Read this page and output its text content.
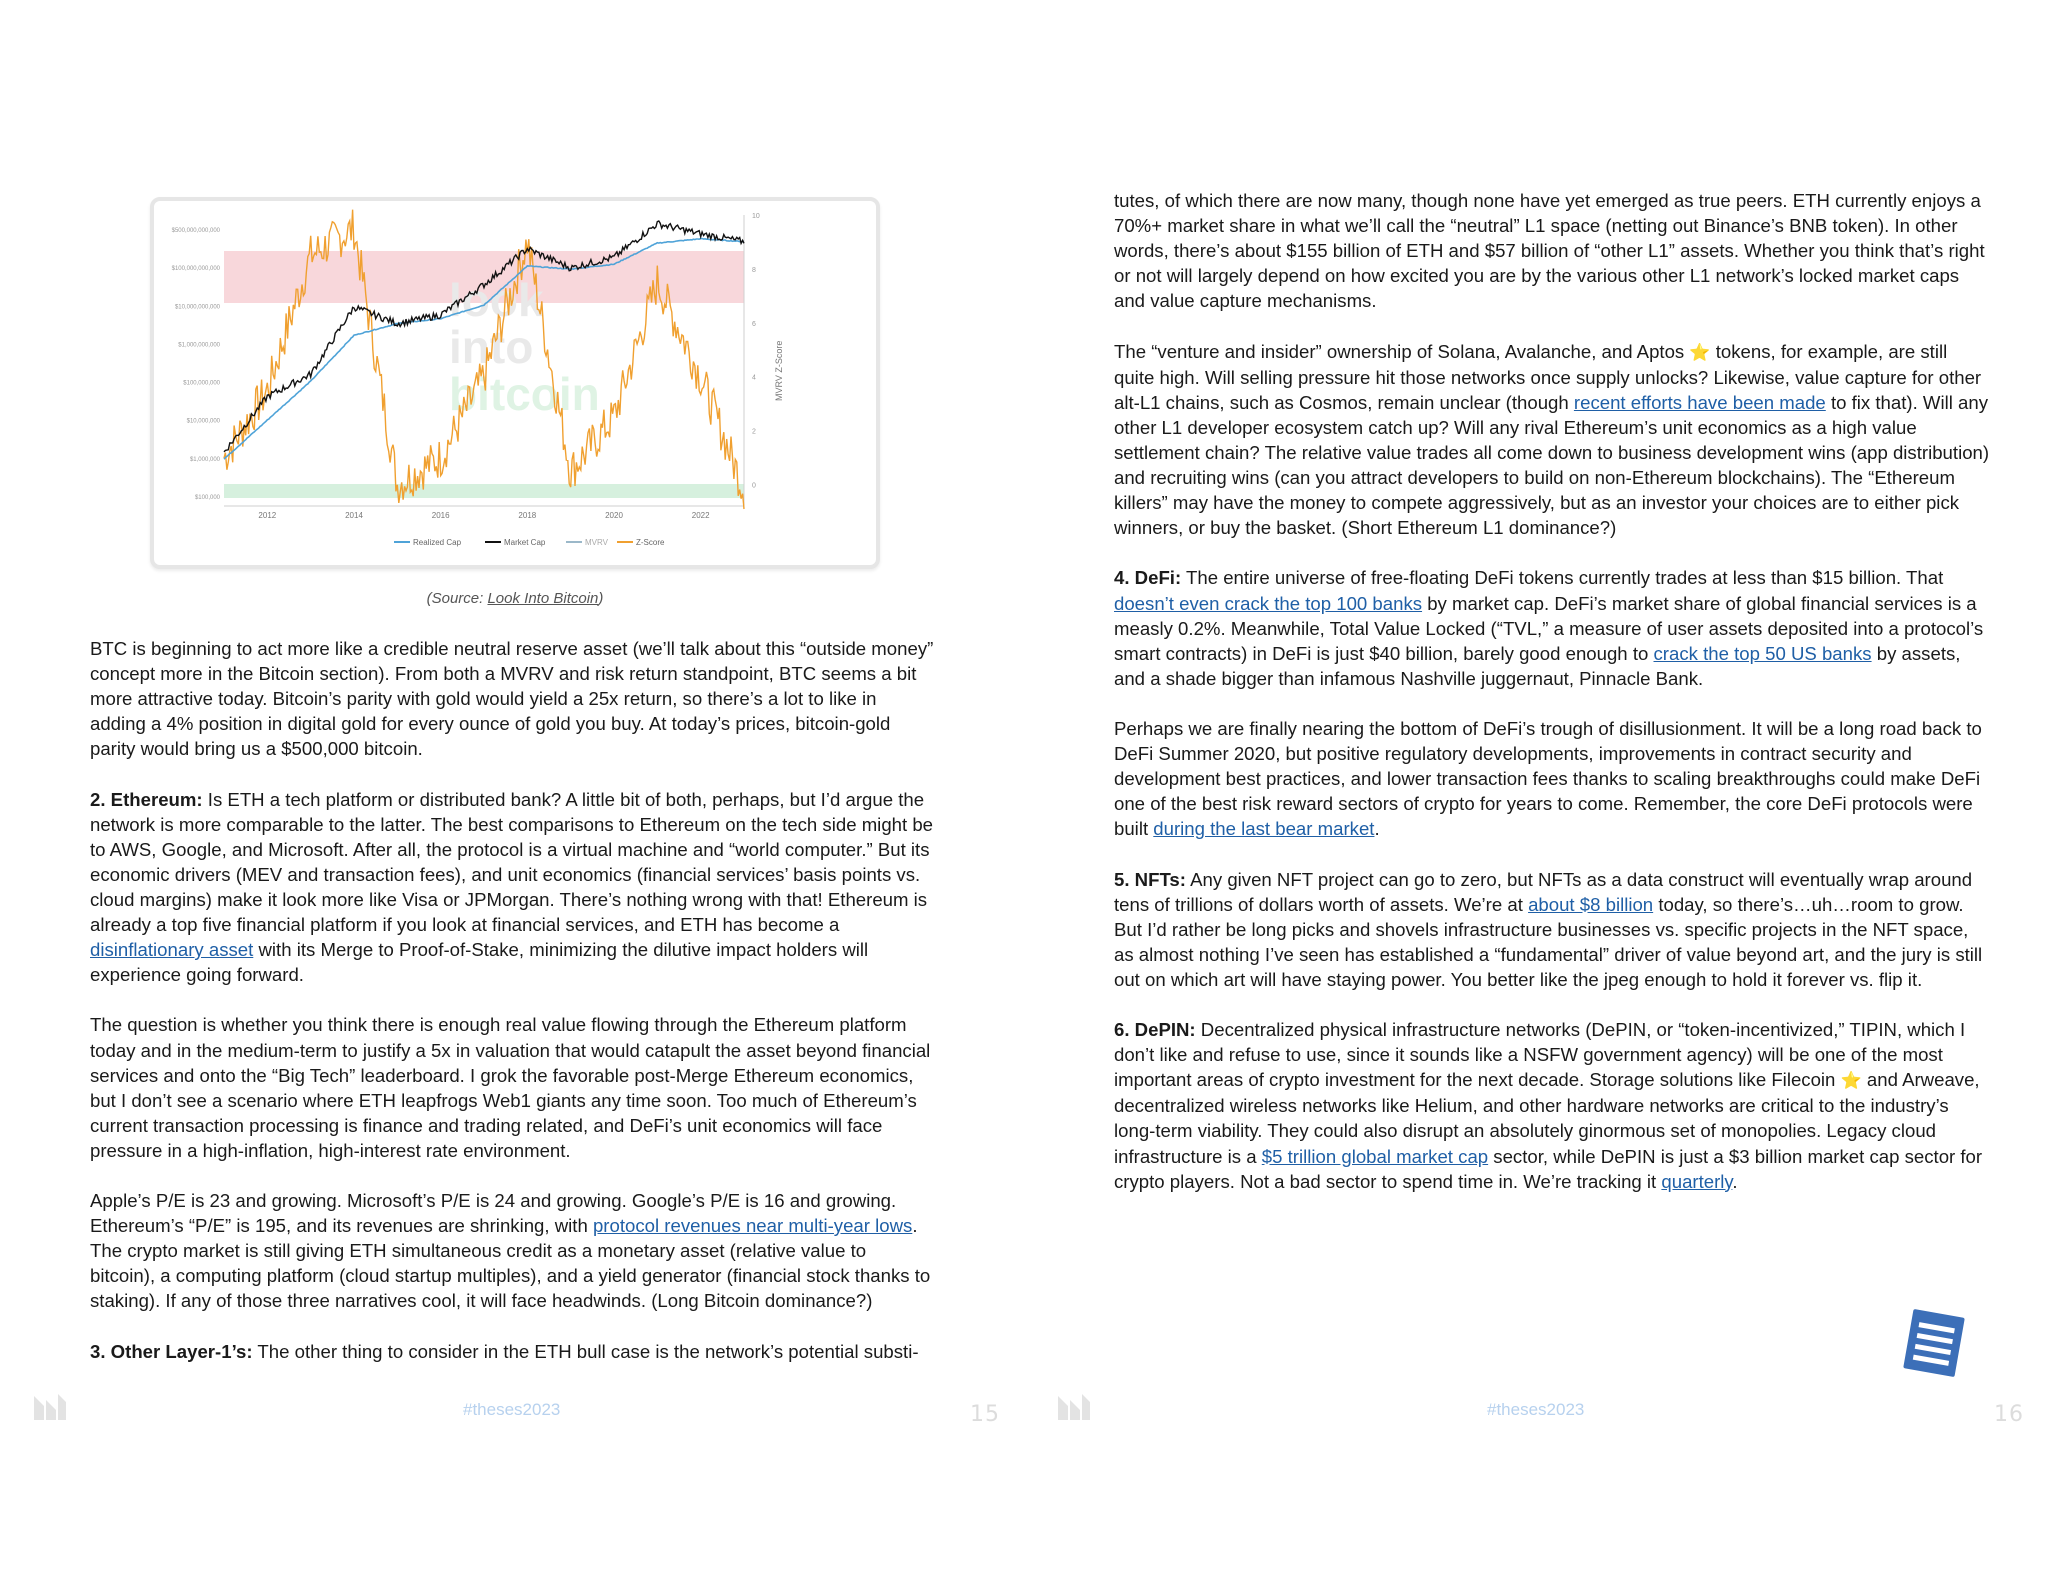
look
into
bitcoin
$500,000,000,000
$100,000,000,000
$10,000,000,000
$1,000,000,000
$100,000,000
$10,000,000
$1,000,000
$100,000
10
8
6
4
2
0
2012	2014	2016	2018	2020	2022
MVRV Z-Score
Realized Cap	Market Cap	MVRV	Z-Score
(Source: Look Into Bitcoin)

BTC is beginning to act more like a credible neutral reserve asset (we’ll talk about this “outside money” concept more in the Bitcoin section). From both a MVRV and risk return standpoint, BTC seems a bit more attractive today. Bitcoin’s parity with gold would yield a 25x return, so there’s a lot to like in adding a 4% position in digital gold for every ounce of gold you buy. At today’s prices, bitcoin-gold parity would bring us a $500,000 bitcoin.

2. Ethereum: Is ETH a tech platform or distributed bank? A little bit of both, perhaps, but I’d argue the network is more comparable to the latter. The best comparisons to Ethereum on the tech side might be to AWS, Google, and Microsoft. After all, the protocol is a virtual machine and “world computer.” But its economic drivers (MEV and transaction fees), and unit economics (financial services’ basis points vs. cloud margins) make it look more like Visa or JPMorgan. There’s nothing wrong with that! Ethereum is already a top five financial platform if you look at financial services, and ETH has become a disinflationary asset with its Merge to Proof-of-Stake, minimizing the dilutive impact holders will experience going forward.

The question is whether you think there is enough real value flowing through the Ethereum platform today and in the medium-term to justify a 5x in valuation that would catapult the asset beyond financial services and onto the “Big Tech” leaderboard. I grok the favorable post-Merge Ethereum economics, but I don’t see a scenario where ETH leapfrogs Web1 giants any time soon. Too much of Ethereum’s current transaction processing is finance and trading related, and DeFi’s unit economics will face pressure in a high-inflation, high-interest rate environment.

Apple’s P/E is 23 and growing. Microsoft’s P/E is 24 and growing. Google’s P/E is 16 and growing. Ethereum’s “P/E” is 195, and its revenues are shrinking, with protocol revenues near multi-year lows. The crypto market is still giving ETH simultaneous credit as a monetary asset (relative value to bitcoin), a computing platform (cloud startup multiples), and a yield generator (financial stock thanks to staking). If any of those three narratives cool, it will face headwinds. (Long Bitcoin dominance?)

3. Other Layer-1’s: The other thing to consider in the ETH bull case is the network’s potential substi-

#theses2023	15

tutes, of which there are now many, though none have yet emerged as true peers. ETH currently enjoys a 70%+ market share in what we’ll call the “neutral” L1 space (netting out Binance’s BNB token). In other words, there’s about $155 billion of ETH and $57 billion of “other L1” assets. Whether you think that’s right or not will largely depend on how excited you are by the various other L1 network’s locked market caps and value capture mechanisms.

The “venture and insider” ownership of Solana, Avalanche, and Aptos ⭐ tokens, for example, are still quite high. Will selling pressure hit those networks once supply unlocks? Likewise, value capture for other alt-L1 chains, such as Cosmos, remain unclear (though recent efforts have been made to fix that). Will any other L1 developer ecosystem catch up? Will any rival Ethereum’s unit economics as a high value settlement chain? The relative value trades all come down to business development wins (app distribution) and recruiting wins (can you attract developers to build on non-Ethereum blockchains). The “Ethereum killers” may have the money to compete aggressively, but as an investor your choices are to either pick winners, or buy the basket. (Short Ethereum L1 dominance?)

4. DeFi: The entire universe of free-floating DeFi tokens currently trades at less than $15 billion. That doesn’t even crack the top 100 banks by market cap. DeFi’s market share of global financial services is a measly 0.2%. Meanwhile, Total Value Locked (“TVL,” a measure of user assets deposited into a protocol’s smart contracts) in DeFi is just $40 billion, barely good enough to crack the top 50 US banks by assets, and a shade bigger than infamous Nashville juggernaut, Pinnacle Bank.

Perhaps we are finally nearing the bottom of DeFi’s trough of disillusionment. It will be a long road back to DeFi Summer 2020, but positive regulatory developments, improvements in contract security and development best practices, and lower transaction fees thanks to scaling breakthroughs could make DeFi one of the best risk reward sectors of crypto for years to come. Remember, the core DeFi protocols were built during the last bear market.

5. NFTs: Any given NFT project can go to zero, but NFTs as a data construct will eventually wrap around tens of trillions of dollars worth of assets. We’re at about $8 billion today, so there’s…uh…room to grow. But I’d rather be long picks and shovels infrastructure businesses vs. specific projects in the NFT space, as almost nothing I’ve seen has established a “fundamental” driver of value beyond art, and the jury is still out on which art will have staying power. You better like the jpeg enough to hold it forever vs. flip it.

6. DePIN: Decentralized physical infrastructure networks (DePIN, or “token-incentivized,” TIPIN, which I don’t like and refuse to use, since it sounds like a NSFW government agency) will be one of the most important areas of crypto investment for the next decade. Storage solutions like Filecoin ⭐ and Arweave, decentralized wireless networks like Helium, and other hardware networks are critical to the industry’s long-term viability. They could also disrupt an absolutely ginormous set of monopolies. Legacy cloud infrastructure is a $5 trillion global market cap sector, while DePIN is just a $3 billion market cap sector for crypto players. Not a bad sector to spend time in. We’re tracking it quarterly.

#theses2023	16
